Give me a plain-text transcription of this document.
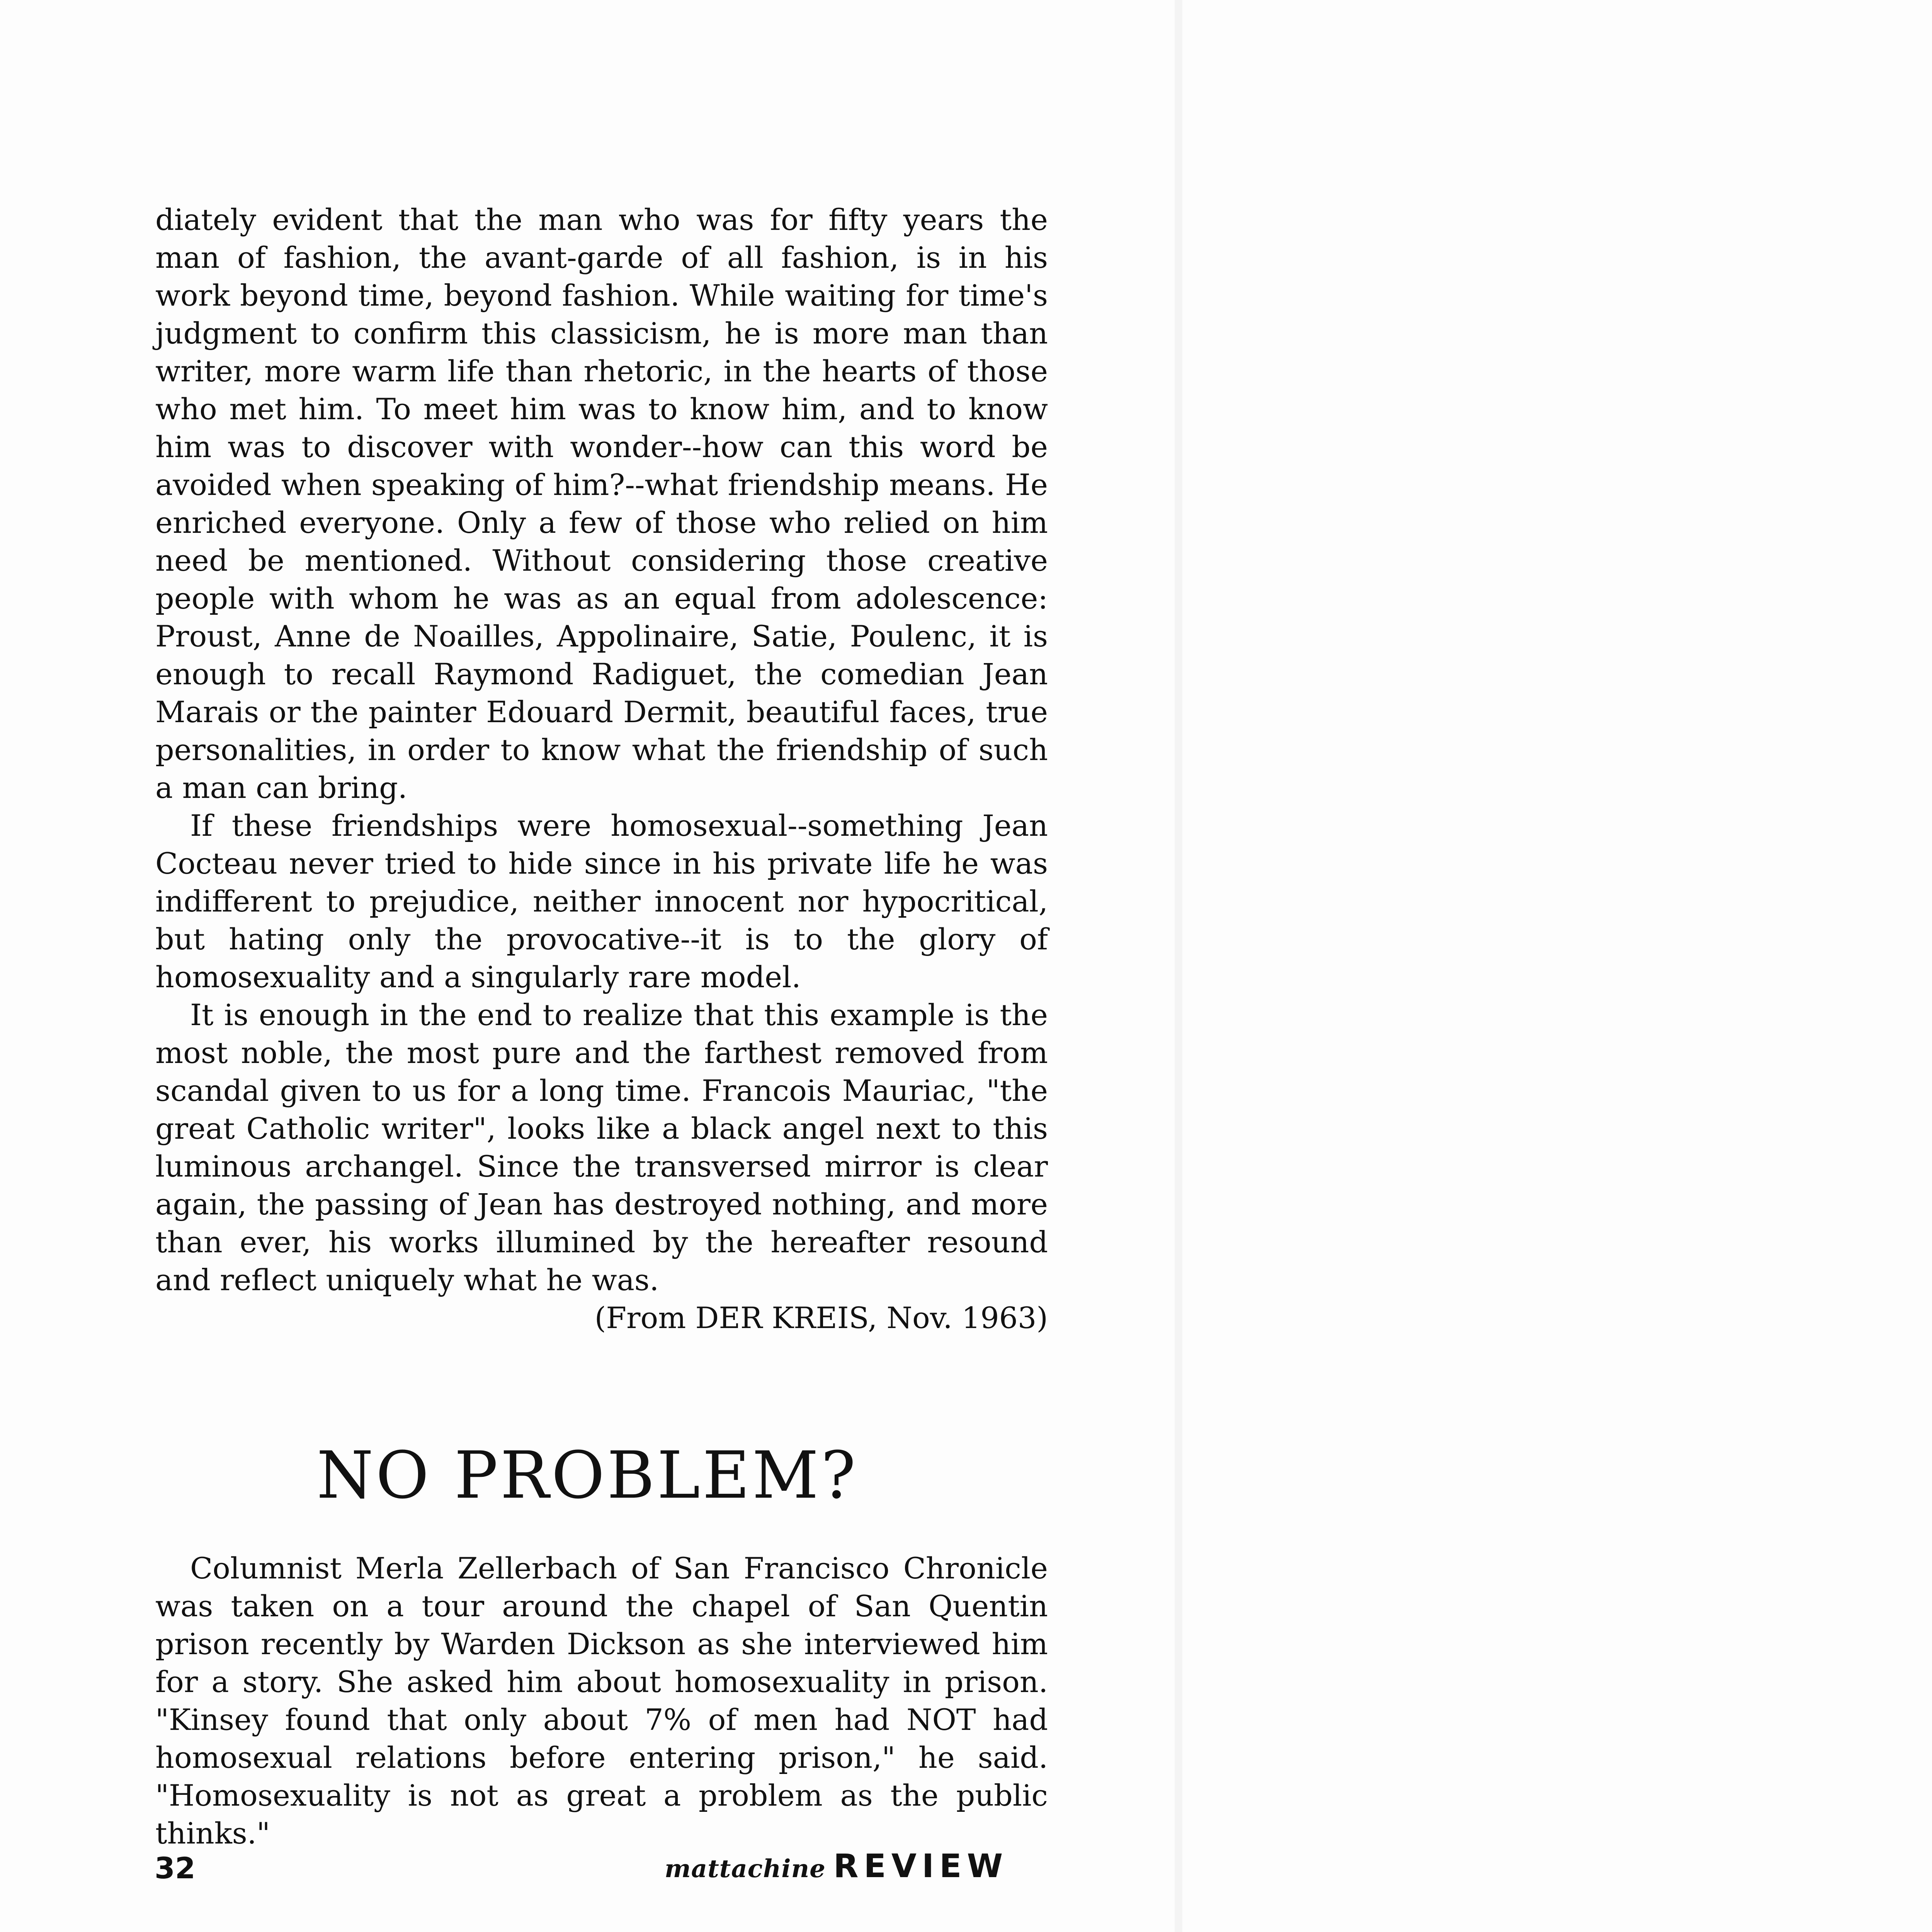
diately evident that the man who was for fifty years the man of fashion, the avant-garde of all fashion, is in his work beyond time, beyond fashion. While waiting for time's judgment to confirm this classicism, he is more man than writer, more warm life than rhetoric, in the hearts of those who met him. To meet him was to know him, and to know him was to discover with wonder--how can this word be avoided when speaking of him?--what friendship means. He enriched everyone. Only a few of those who relied on him need be mentioned. Without considering those creative people with whom he was as an equal from adolescence: Proust, Anne de Noailles, Appolinaire, Satie, Poulenc, it is enough to recall Raymond Radiguet, the comedian Jean Marais or the painter Edouard Dermit, beautiful faces, true personalities, in order to know what the friendship of such a man can bring.

If these friendships were homosexual--something Jean Cocteau never tried to hide since in his private life he was indifferent to prejudice, neither innocent nor hypocritical, but hating only the provocative--it is to the glory of homosexuality and a singularly rare model.

It is enough in the end to realize that this example is the most noble, the most pure and the farthest removed from scandal given to us for a long time. Francois Mauriac, "the great Catholic writer", looks like a black angel next to this luminous archangel. Since the transversed mirror is clear again, the passing of Jean has destroyed nothing, and more than ever, his works illumined by the hereafter resound and reflect uniquely what he was.

(From DER KREIS, Nov. 1963)

NO PROBLEM?

Columnist Merla Zellerbach of San Francisco Chronicle was taken on a tour around the chapel of San Quentin prison recently by Warden Dickson as she interviewed him for a story. She asked him about homosexuality in prison. "Kinsey found that only about 7% of men had NOT had homosexual relations before entering prison," he said. "Homosexuality is not as great a problem as the public thinks."

32	mattachine REVIEW
